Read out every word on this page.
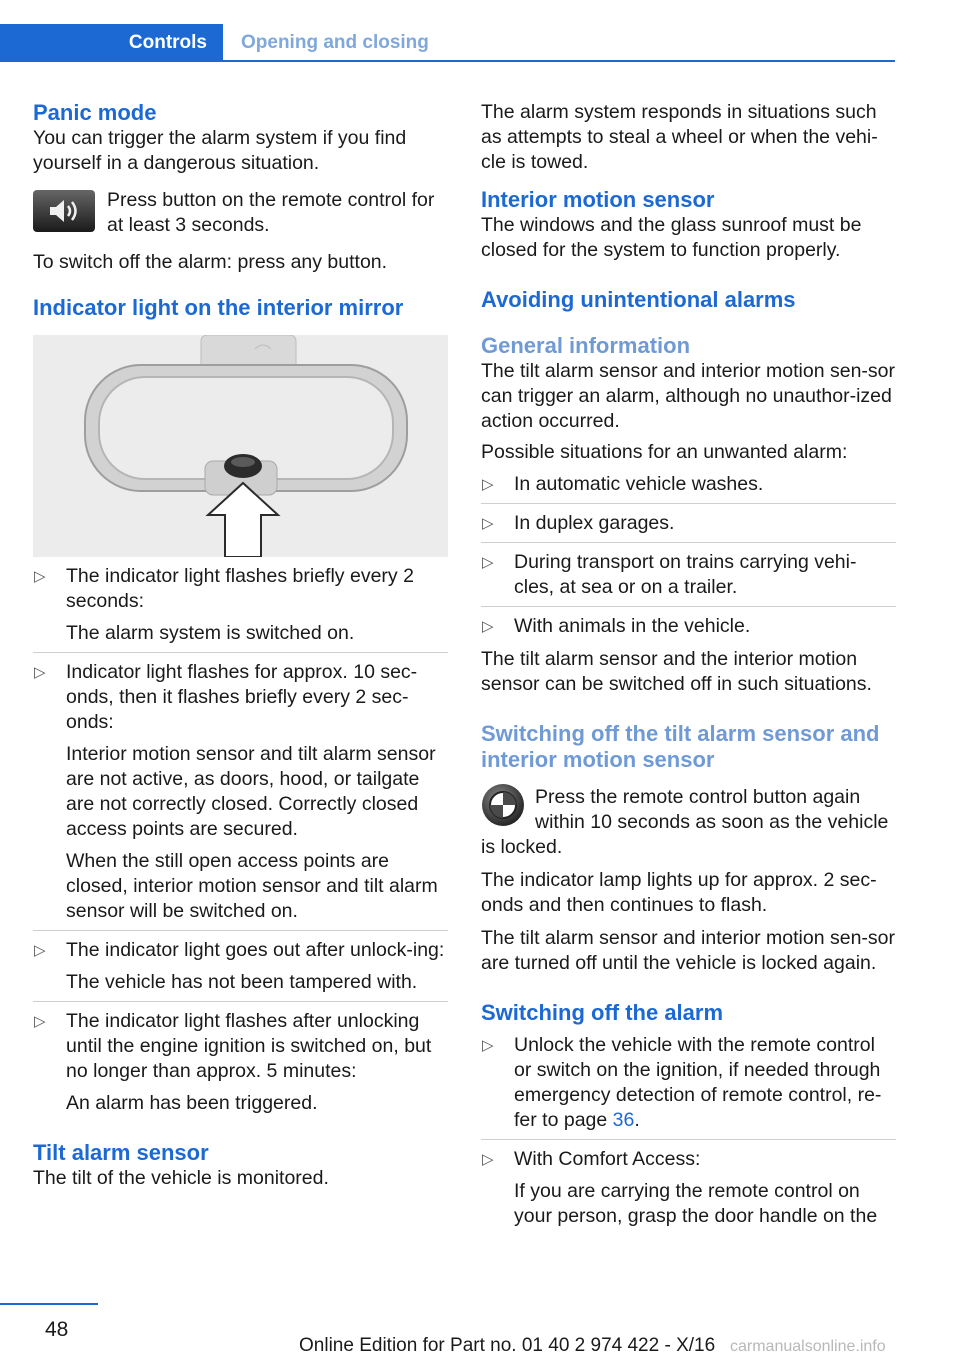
Controls Opening and closing
Panic mode

You can trigger the alarm system if you find yourself in a dangerous situation.

Press button on the remote control for at least 3 seconds.

To switch off the alarm: press any button.

Indicator light on the interior mirror
▷ The indicator light flashes briefly every 2 seconds:

The alarm system is switched on.

▷ Indicator light flashes for approx. 10 sec‐onds, then it flashes briefly every 2 sec‐onds:

Interior motion sensor and tilt alarm sensor are not active, as doors, hood, or tailgate are not correctly closed. Correctly closed access points are secured.

When the still open access points are closed, interior motion sensor and tilt alarm sensor will be switched on.

▷ The indicator light goes out after unlock‐ing:

The vehicle has not been tampered with.

▷ The indicator light flashes after unlocking until the engine ignition is switched on, but no longer than approx. 5 minutes:

An alarm has been triggered.

Tilt alarm sensor

The tilt of the vehicle is monitored.

The alarm system responds in situations such as attempts to steal a wheel or when the vehi‐cle is towed.

Interior motion sensor

The windows and the glass sunroof must be closed for the system to function properly.

Avoiding unintentional alarms
General information

The tilt alarm sensor and interior motion sen‐sor can trigger an alarm, although no unauthor‐ized action occurred.

Possible situations for an unwanted alarm:

▷ In automatic vehicle washes.

▷ In duplex garages.

▷ During transport on trains carrying vehi‐cles, at sea or on a trailer.

▷ With animals in the vehicle.

The tilt alarm sensor and the interior motion sensor can be switched off in such situations.

Switching off the tilt alarm sensor and interior motion sensor

Press the remote control button again within 10 seconds as soon as the vehicle is locked.

The indicator lamp lights up for approx. 2 sec‐onds and then continues to flash.

The tilt alarm sensor and interior motion sen‐sor are turned off until the vehicle is locked again.

Switching off the alarm
▷ Unlock the vehicle with the remote control or switch on the ignition, if needed through emergency detection of remote control, re‐fer to page 36.

▷ With Comfort Access:

If you are carrying the remote control on your person, grasp the door handle on the

48
Online Edition for Part no. 01 40 2 974 422 - X/16 carmanualsonline.info
